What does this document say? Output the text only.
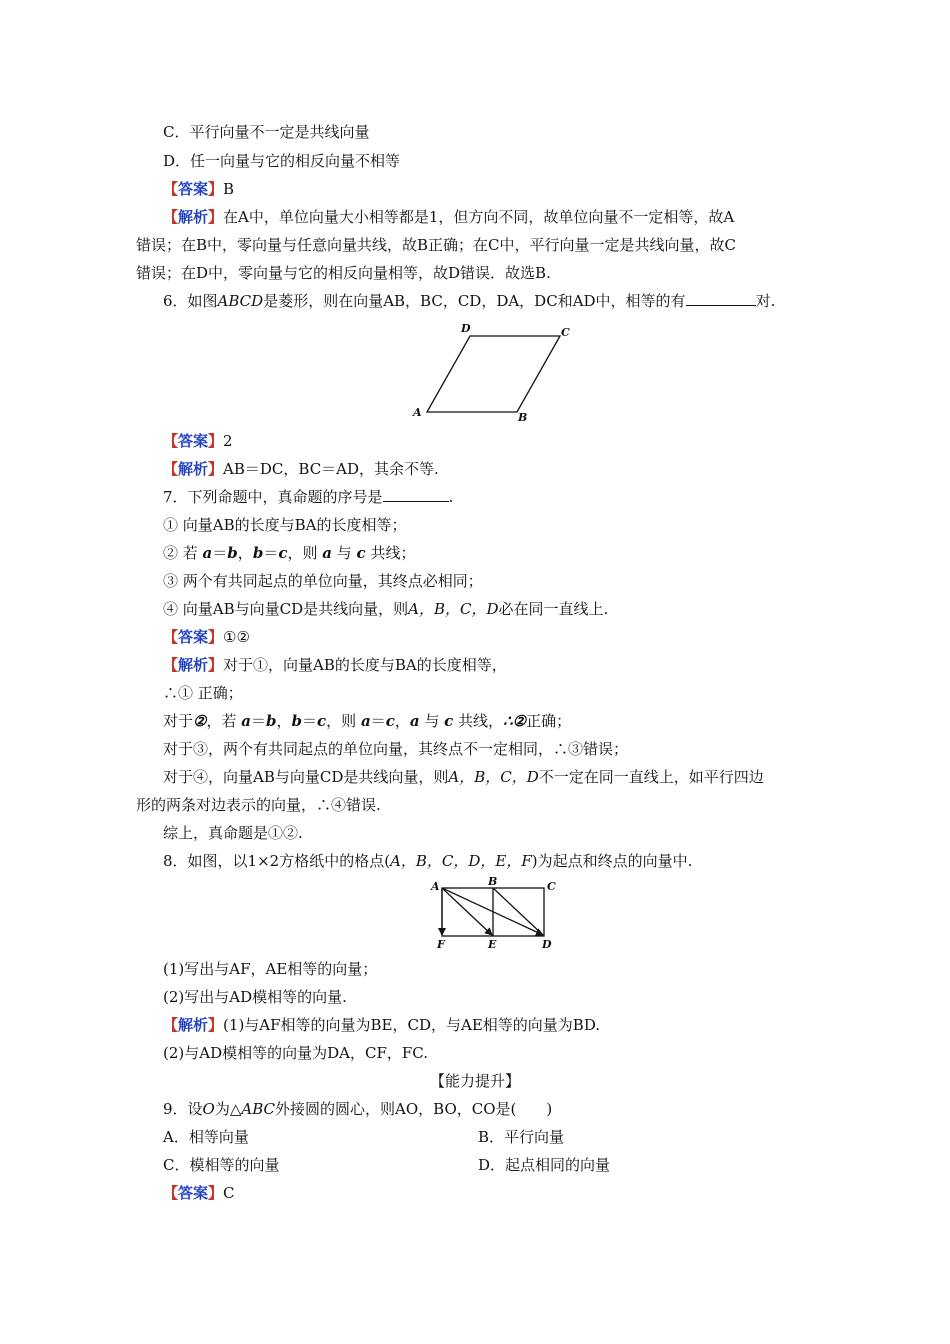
C．平行向量不一定是共线向量
D．任一向量与它的相反向量不相等
【答案】B
【解析】在A中，单位向量大小相等都是1，但方向不同，故单位向量不一定相等，故A
错误；在B中，零向量与任意向量共线，故B正确；在C中，平行向量一定是共线向量，故C
错误；在D中，零向量与它的相反向量相等，故D错误．故选B.
6．如图ABCD是菱形，则在向量AB，BC，CD，DA，DC和AD中，相等的有	对.
A	B
C
D
【答案】2
【解析】AB＝DC，BC＝AD，其余不等.
7．下列命题中，真命题的序号是	.
① 向量AB的长度与BA的长度相等；
② 若 a＝b，b＝c，则 a 与 c 共线；
③ 两个有共同起点的单位向量，其终点必相同；
④ 向量AB与向量CD是共线向量，则A，B，C，D必在同一直线上.
【答案】①②
【解析】对于①，向量AB的长度与BA的长度相等，
∴① 正确；
对于②，若 a＝b，b＝c，则 a＝c，a 与 c 共线，∴②正确；
对于③，两个有共同起点的单位向量，其终点不一定相同，∴③错误；
对于④，向量AB与向量CD是共线向量，则A，B，C，D不一定在同一直线上，如平行四边
形的两条对边表示的向量，∴④错误.
综上，真命题是①②.
8．如图，以1×2方格纸中的格点(A，B，C，D，E，F)为起点和终点的向量中.
A	B	C
D
E
F
(1)写出与AF，AE相等的向量；
(2)写出与AD模相等的向量.
【解析】(1)与AF相等的向量为BE，CD，与AE相等的向量为BD.
(2)与AD模相等的向量为DA，CF，FC.
【能力提升】
9．设O为△ABC外接圆的圆心，则AO，BO，CO是(　　)
A．相等向量	B．平行向量
C．模相等的向量	D．起点相同的向量
【答案】C
